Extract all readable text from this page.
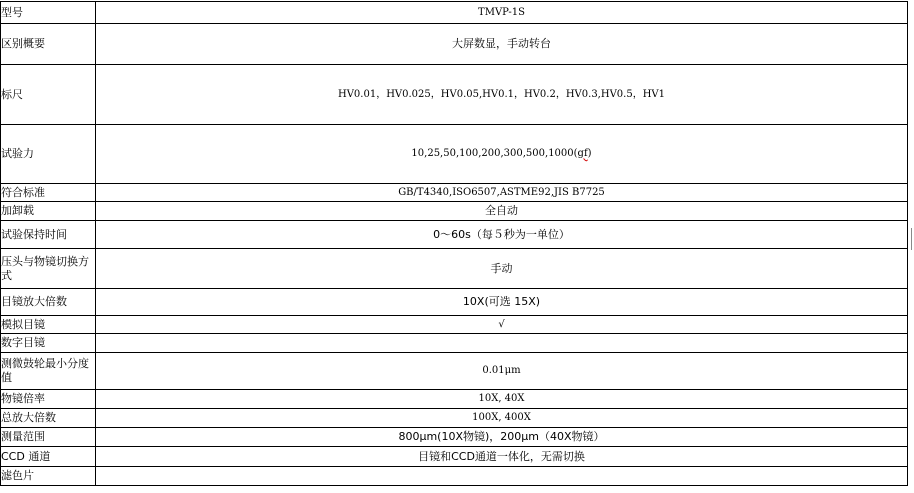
型号	TMVP-1S
区别概要	大屏数显，手动转台
标尺	HV0.01，HV0.025，HV0.05,HV0.1，HV0.2，HV0.3,HV0.5，HV1
试验力	10,25,50,100,200,300,500,1000(gf)
符合标准	GB/T4340,ISO6507,ASTME92,JIS B7725
加卸载	全自动
试验保持时间	0～60s（每５秒为一单位）
压头与物镜切换方式	手动
目镜放大倍数	10X(可选 15X)
模拟目镜	√
数字目镜	
测微鼓轮最小分度值	0.01μm
物镜倍率	10X, 40X
总放大倍数	100X, 400X
测量范围	800μm(10X物镜)，200μm（40X物镜）
CCD 通道	目镜和CCD通道一体化，无需切换
滤色片	
